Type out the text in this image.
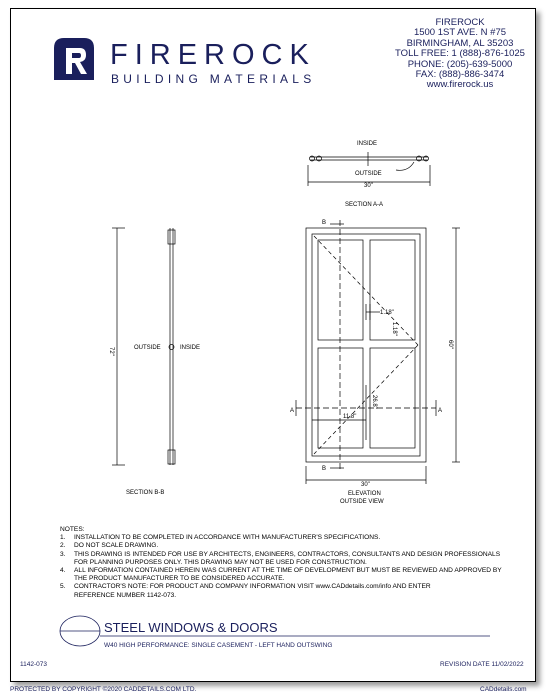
FIREROCK
BUILDING MATERIALS
FIREROCK
1500 1ST AVE. N #75
BIRMINGHAM, AL 35203
TOLL FREE: 1 (888)-876-1025
PHONE: (205)-639-5000
FAX: (888)-886-3474
www.firerock.us
INSIDE
OUTSIDE
30"
SECTION A-A
72"	OUTSIDE	INSIDE
SECTION B-B
B
B
A	A
1.18"
1.18"
26.8"
11.8"
60"
30"
ELEVATION
OUTSIDE VIEW
NOTES:
1. INSTALLATION TO BE COMPLETED IN ACCORDANCE WITH MANUFACTURER'S SPECIFICATIONS.
2. DO NOT SCALE DRAWING.
3. THIS DRAWING IS INTENDED FOR USE BY ARCHITECTS, ENGINEERS, CONTRACTORS, CONSULTANTS AND DESIGN PROFESSIONALS
FOR PLANNING PURPOSES ONLY. THIS DRAWING MAY NOT BE USED FOR CONSTRUCTION.
4. ALL INFORMATION CONTAINED HEREIN WAS CURRENT AT THE TIME OF DEVELOPMENT BUT MUST BE REVIEWED AND APPROVED BY
THE PRODUCT MANUFACTURER TO BE CONSIDERED ACCURATE.
5. CONTRACTOR'S NOTE: FOR PRODUCT AND COMPANY INFORMATION VISIT www.CADdetails.com/info AND ENTER
REFERENCE NUMBER 1142-073.
STEEL WINDOWS & DOORS
W40 HIGH PERFORMANCE: SINGLE CASEMENT - LEFT HAND OUTSWING
1142-073	REVISION DATE 11/02/2022
PROTECTED BY COPYRIGHT ©2020 CADDETAILS.COM LTD.	CADdetails.com
